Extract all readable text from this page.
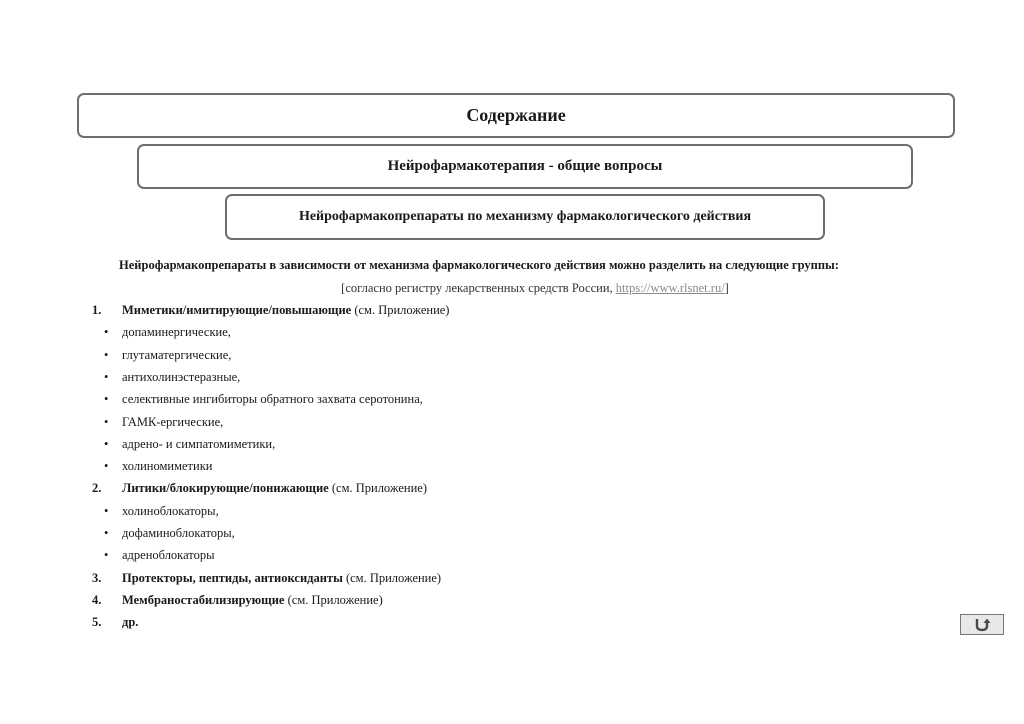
Содержание
Нейрофармакотерапия - общие вопросы
Нейрофармакопрепараты по механизму фармакологического действия
Нейрофармакопрепараты в зависимости от механизма фармакологического действия можно разделить на следующие группы:
[согласно регистру лекарственных средств России, https://www.rlsnet.ru/]
1. Миметики/имитирующие/повышающие (см. Приложение)
• допаминергические,
• глутаматергические,
• антихолинэстеразные,
• селективные ингибиторы обратного захвата серотонина,
• ГАМК-ергические,
• адрено- и симпатомиметики,
• холиномиметики
2. Литики/блокирующие/понижающие (см. Приложение)
• холиноблокаторы,
• дофаминоблокаторы,
• адреноблокаторы
3. Протекторы, пептиды, антиоксиданты (см. Приложение)
4. Мембраностабилизирующие (см. Приложение)
5. др.
